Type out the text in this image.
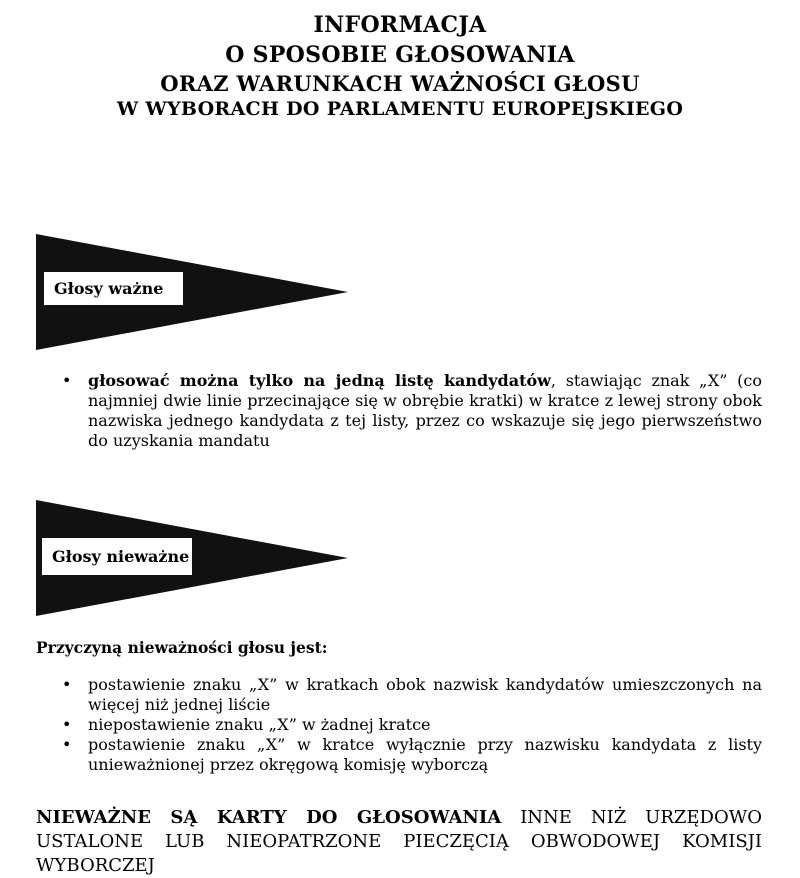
INFORMACJA
O SPOSOBIE GŁOSOWANIA
ORAZ WARUNKACH WAŻNOŚCI GŁOSU
W WYBORACH DO PARLAMENTU EUROPEJSKIEGO
Głosy ważne
• głosować można tylko na jedną listę kandydatów, stawiając znak „X” (co najmniej dwie linie przecinające się w obrębie kratki) w kratce z lewej strony obok nazwiska jednego kandydata z tej listy, przez co wskazuje się jego pierwszeństwo do uzyskania mandatu
Głosy nieważne
Przyczyną nieważności głosu jest:
• postawienie znaku „X” w kratkach obok nazwisk kandydatów umieszczonych na więcej niż jednej liście
• niepostawienie znaku „X” w żadnej kratce
• postawienie znaku „X” w kratce wyłącznie przy nazwisku kandydata z listy unieważnionej przez okręgową komisję wyborczą
NIEWAŻNE SĄ KARTY DO GŁOSOWANIA INNE NIŻ URZĘDOWO USTALONE LUB NIEOPATRZONE PIECZĘCIĄ OBWODOWEJ KOMISJI WYBORCZEJ
